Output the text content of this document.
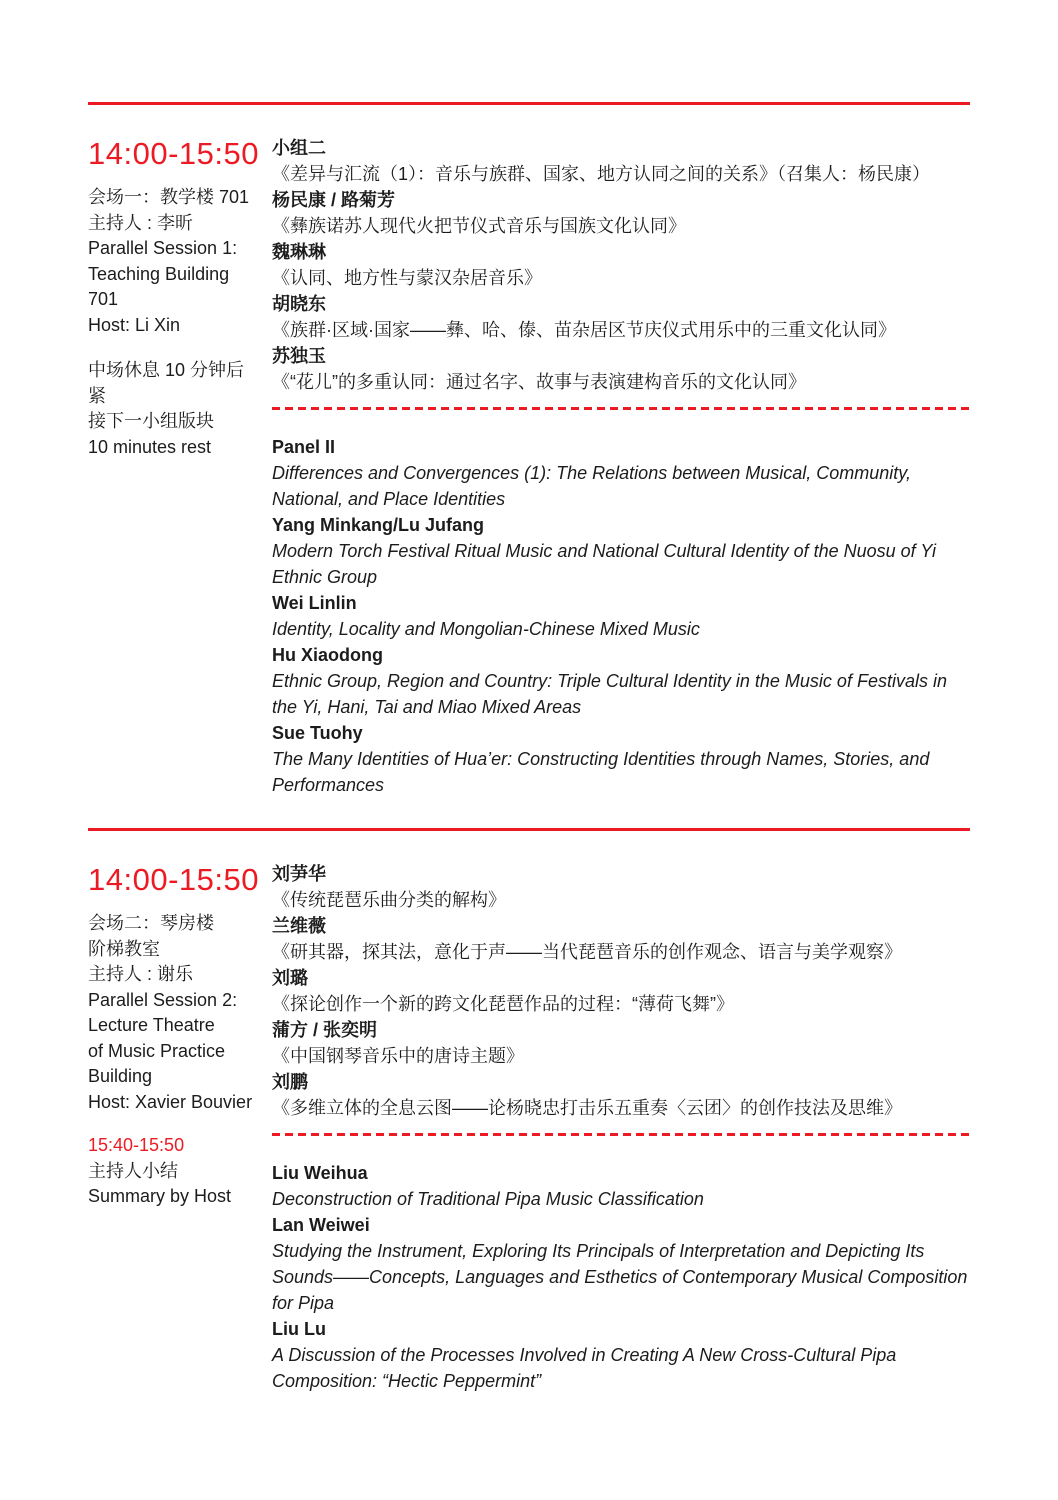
14:00-15:50
会场一：教学楼 701
主持人 : 李昕
Parallel Session 1:
Teaching Building
701
Host: Li Xin
中场休息 10 分钟后紧
接下一小组版块
10 minutes rest
小组二
《差异与汇流（1）：音乐与族群、国家、地方认同之间的关系》（召集人：杨民康）
杨民康 / 路菊芳
《彝族诺苏人现代火把节仪式音乐与国族文化认同》
魏琳琳
《认同、地方性与蒙汉杂居音乐》
胡晓东
《族群·区域·国家——彝、哈、傣、苗杂居区节庆仪式用乐中的三重文化认同》
苏独玉
《“花儿”的多重认同：通过名字、故事与表演建构音乐的文化认同》
Panel II
Differences and Convergences (1): The Relations between Musical, Community, National, and Place Identities
Yang Minkang/Lu Jufang
Modern Torch Festival Ritual Music and National Cultural Identity of the Nuosu of Yi Ethnic Group
Wei Linlin
Identity, Locality and Mongolian-Chinese Mixed Music
Hu Xiaodong
Ethnic Group, Region and Country: Triple Cultural Identity in the Music of Festivals in the Yi, Hani, Tai and Miao Mixed Areas
Sue Tuohy
The Many Identities of Hua’er: Constructing Identities through Names, Stories, and Performances
14:00-15:50
会场二：琴房楼
阶梯教室
主持人 : 谢乐
Parallel Session 2:
Lecture Theatre
of Music Practice
Building
Host: Xavier Bouvier
15:40-15:50
主持人小结
Summary by Host
刘芛华
《传统琵琶乐曲分类的解构》
兰维薇
《研其器，探其法，意化于声——当代琵琶音乐的创作观念、语言与美学观察》
刘璐
《探论创作一个新的跨文化琵琶作品的过程：“薄荷飞舞”》
蒲方 / 张奕明
《中国钢琴音乐中的唐诗主题》
刘鹏
《多维立体的全息云图——论杨晓忠打击乐五重奏〈云团〉的创作技法及思维》
Liu Weihua
Deconstruction of Traditional Pipa Music Classification
Lan Weiwei
Studying the Instrument, Exploring Its Principals of Interpretation and Depicting Its Sounds——Concepts, Languages and Esthetics of Contemporary Musical Composition for Pipa
Liu Lu
A Discussion of the Processes Involved in Creating A New Cross-Cultural Pipa Composition: “Hectic Peppermint”
